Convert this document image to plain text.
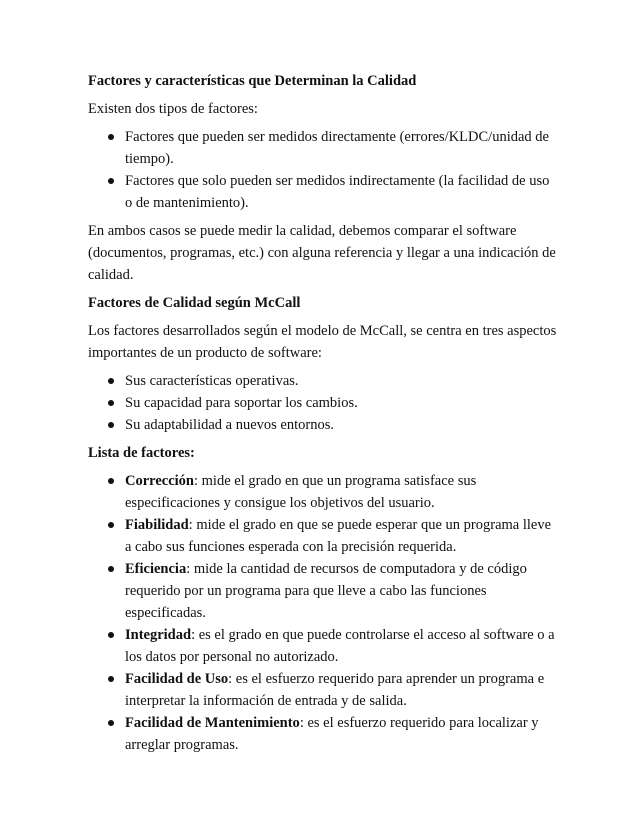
Factores y características que Determinan la Calidad
Existen dos tipos de factores:
Factores que pueden ser medidos directamente (errores/KLDC/unidad de tiempo).
Factores que solo pueden ser medidos indirectamente (la facilidad de uso o de mantenimiento).
En ambos casos se puede medir la calidad, debemos comparar el software (documentos, programas, etc.) con alguna referencia y llegar a una indicación de calidad.
Factores de Calidad según McCall
Los factores desarrollados según el modelo de McCall, se centra en tres aspectos importantes de un producto de software:
Sus características operativas.
Su capacidad para soportar los cambios.
Su adaptabilidad a nuevos entornos.
Lista de factores:
Corrección: mide el grado en que un programa satisface sus especificaciones y consigue los objetivos del usuario.
Fiabilidad: mide el grado en que se puede esperar que un programa lleve a cabo sus funciones esperada con la precisión requerida.
Eficiencia: mide la cantidad de recursos de computadora y de código requerido por un programa para que lleve a cabo las funciones especificadas.
Integridad: es el grado en que puede controlarse el acceso al software o a los datos por personal no autorizado.
Facilidad de Uso: es el esfuerzo requerido para aprender un programa e interpretar la información de entrada y de salida.
Facilidad de Mantenimiento: es el esfuerzo requerido para localizar y arreglar programas.
